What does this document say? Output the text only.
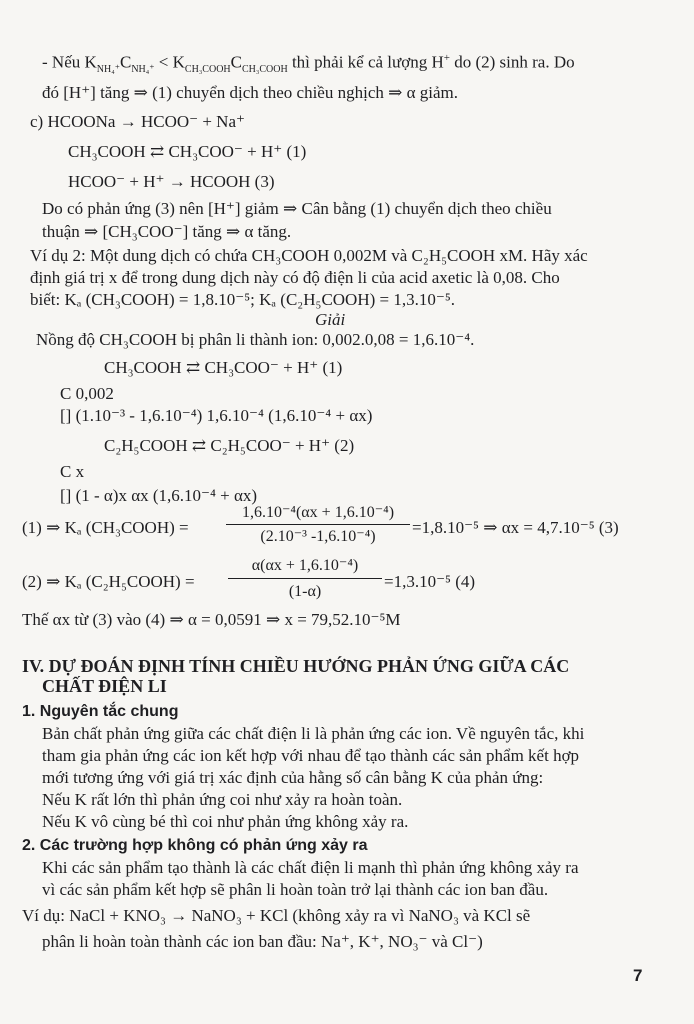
- Nếu $K_{NH_4^+}C_{NH_4^+} < K_{CH_3COOH}C_{CH_3COOH}$ thì phải kể cả lượng H+ do (2) sinh ra. Do
đó [H⁺] tăng ⇒ (1) chuyển dịch theo chiều nghịch ⇒ α giảm.
c) HCOONa → HCOO⁻ + Na⁺
CH₃COOH ⇄ CH₃COO⁻ + H⁺ (1)
HCOO⁻ + H⁺ → HCOOH (3)
Do có phản ứng (3) nên [H⁺] giảm ⇒ Cân bằng (1) chuyển dịch theo chiều
thuận ⇒ [CH₃COO⁻] tăng ⇒ α tăng.
Ví dụ 2: Một dung dịch có chứa CH₃COOH 0,002M và C₂H₅COOH xM. Hãy xác
định giá trị x để trong dung dịch này có độ điện li của acid axetic là 0,08. Cho
biết: Kₐ (CH₃COOH) = 1,8.10⁻⁵; Kₐ (C₂H₅COOH) = 1,3.10⁻⁵.
Giải
Nồng độ CH₃COOH bị phân li thành ion: 0,002.0,08 = 1,6.10⁻⁴.
CH₃COOH ⇄ CH₃COO⁻ + H⁺ (1)
C 0,002
[] (1.10⁻³ - 1,6.10⁻⁴) 1,6.10⁻⁴ (1,6.10⁻⁴ + αx)
C₂H₅COOH ⇄ C₂H₅COO⁻ + H⁺ (2)
C x
[] (1 - α)x αx (1,6.10⁻⁴ + αx)
(1) ⇒ Kₐ (CH₃COOH) =
1,6.10⁻⁴(αx + 1,6.10⁻⁴)
(2.10⁻³ -1,6.10⁻⁴)	=1,8.10⁻⁵ ⇒ αx = 4,7.10⁻⁵ (3)
(2) ⇒ Kₐ (C₂H₅COOH) =
α(αx + 1,6.10⁻⁴)
(1-α)
=1,3.10⁻⁵ (4)
Thế αx từ (3) vào (4) ⇒ α = 0,0591 ⇒ x = 79,52.10⁻⁵M
IV. DỰ ĐOÁN ĐỊNH TÍNH CHIỀU HƯỚNG PHẢN ỨNG GIỮA CÁC
CHẤT ĐIỆN LI
1. Nguyên tắc chung
Bản chất phản ứng giữa các chất điện li là phản ứng các ion. Về nguyên tắc, khi
tham gia phản ứng các ion kết hợp với nhau để tạo thành các sản phẩm kết hợp
mới tương ứng với giá trị xác định của hằng số cân bằng K của phản ứng:
Nếu K rất lớn thì phản ứng coi như xảy ra hoàn toàn.
Nếu K vô cùng bé thì coi như phản ứng không xảy ra.
2. Các trường hợp không có phản ứng xảy ra
Khi các sản phẩm tạo thành là các chất điện li mạnh thì phản ứng không xảy ra
vì các sản phẩm kết hợp sẽ phân li hoàn toàn trở lại thành các ion ban đầu.
Ví dụ: NaCl + KNO₃ → NaNO₃ + KCl (không xảy ra vì NaNO₃ và KCl sẽ
phân li hoàn toàn thành các ion ban đầu: Na⁺, K⁺, NO₃⁻ và Cl⁻)
7
